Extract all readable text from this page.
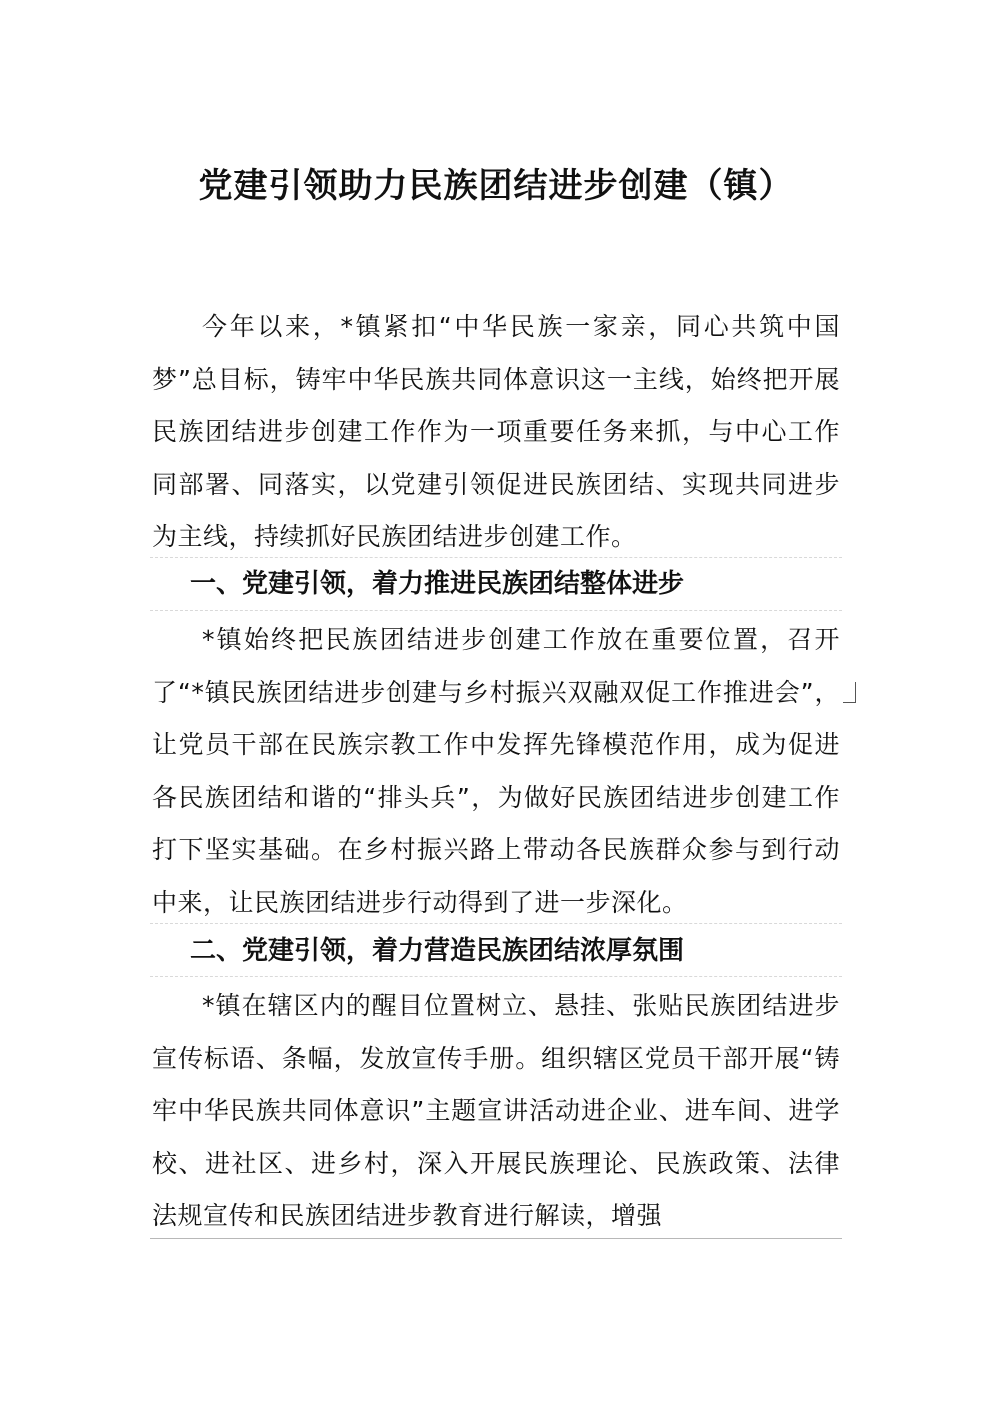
党建引领助力民族团结进步创建（镇）
今年以来，*镇紧扣“中华民族一家亲，同心共筑中国梦”总目标，铸牢中华民族共同体意识这一主线，始终把开展民族团结进步创建工作作为一项重要任务来抓，与中心工作同部署、同落实，以党建引领促进民族团结、实现共同进步为主线，持续抓好民族团结进步创建工作。
一、党建引领，着力推进民族团结整体进步
*镇始终把民族团结进步创建工作放在重要位置，召开了“*镇民族团结进步创建与乡村振兴双融双促工作推进会”，让党员干部在民族宗教工作中发挥先锋模范作用，成为促进各民族团结和谐的“排头兵”，为做好民族团结进步创建工作打下坚实基础。在乡村振兴路上带动各民族群众参与到行动中来，让民族团结进步行动得到了进一步深化。
二、党建引领，着力营造民族团结浓厚氛围
*镇在辖区内的醒目位置树立、悬挂、张贴民族团结进步宣传标语、条幅，发放宣传手册。组织辖区党员干部开展“铸牢中华民族共同体意识”主题宣讲活动进企业、进车间、进学校、进社区、进乡村，深入开展民族理论、民族政策、法律法规宣传和民族团结进步教育进行解读，增强
